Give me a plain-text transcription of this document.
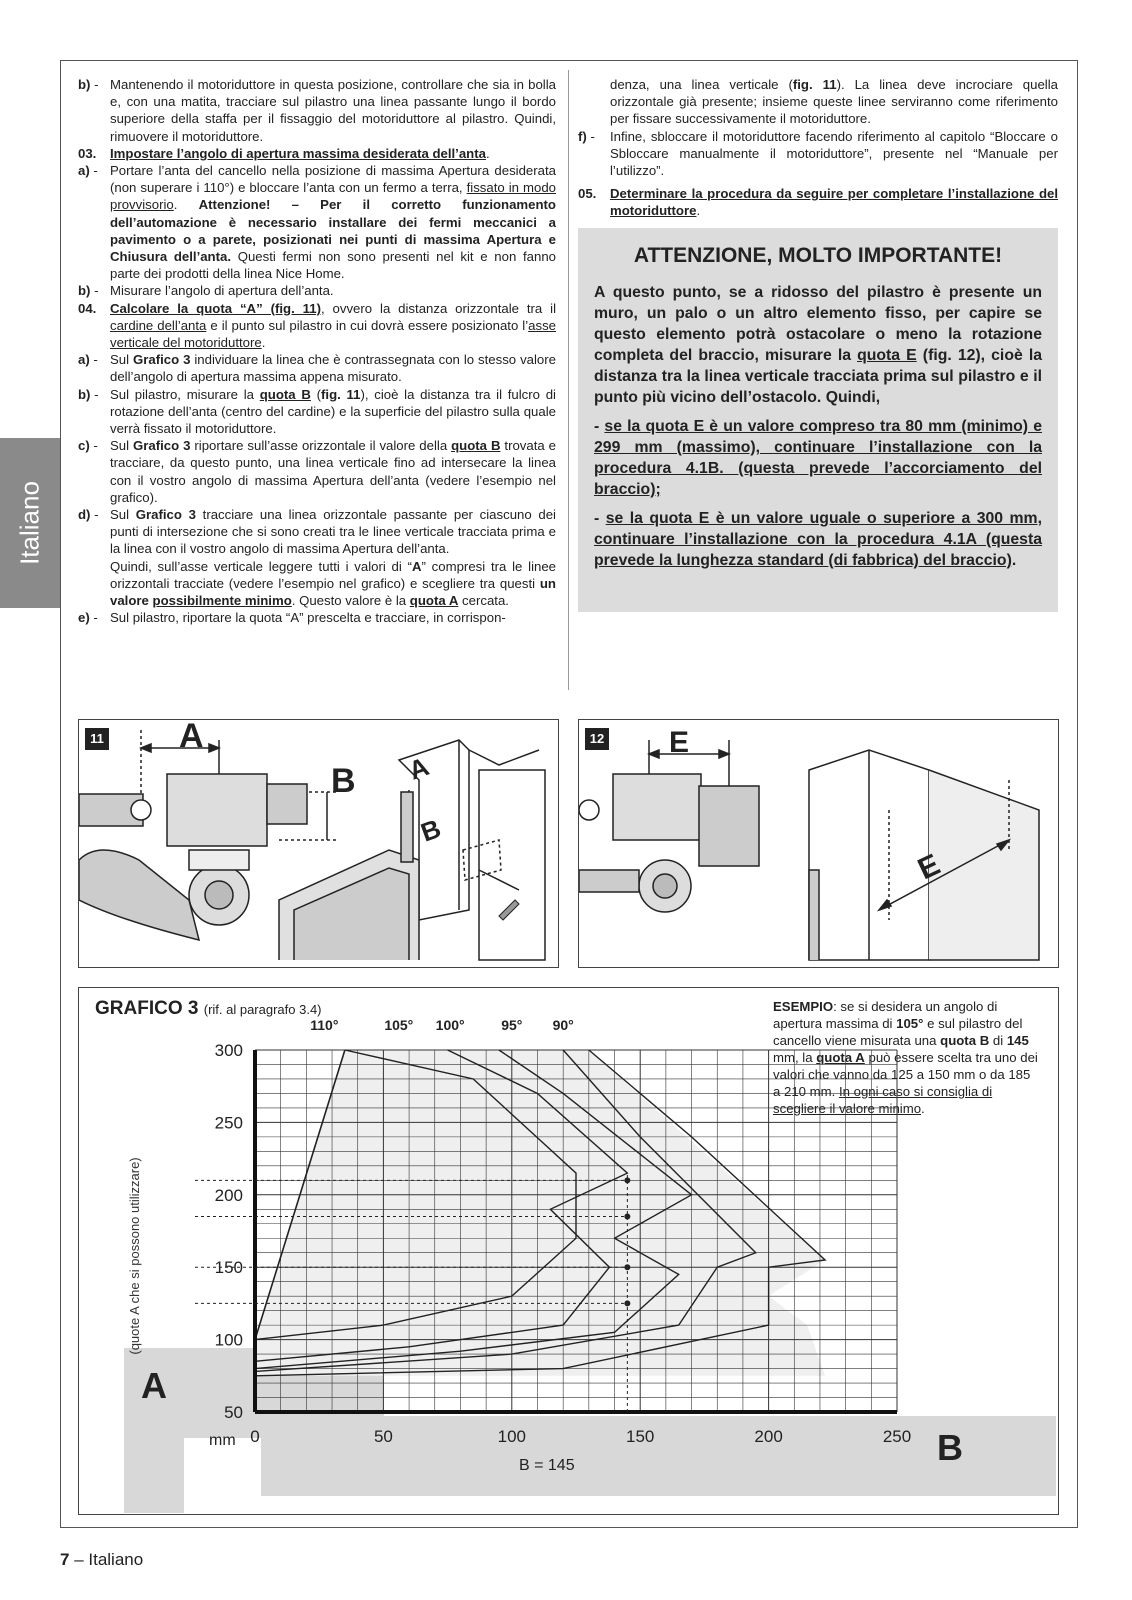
Italiano
b) - Mantenendo il motoriduttore in questa posizione, controllare che sia in bolla e, con una matita, tracciare sul pilastro una linea passante lungo il bordo superiore della staffa per il fissaggio del motoriduttore al pilastro. Quindi, rimuovere il motoriduttore.
03.	Impostare l’angolo di apertura massima desiderata dell’anta.
a) - Portare l’anta del cancello nella posizione di massima Apertura desiderata (non superare i 110°) e bloccare l’anta con un fermo a terra, fissato in modo provvisorio. Attenzione! – Per il corretto funzionamento dell’automazione è necessario installare dei fermi meccanici a pavimento o a parete, posizionati nei punti di massima Apertura e Chiusura dell’anta. Questi fermi non sono presenti nel kit e non fanno parte dei prodotti della linea Nice Home.
b) - Misurare l’angolo di apertura dell’anta.
04.	Calcolare la quota “A” (fig. 11), ovvero la distanza orizzontale tra il cardine dell’anta e il punto sul pilastro in cui dovrà essere posizionato l’asse verticale del motoriduttore.
a) - Sul Grafico 3 individuare la linea che è contrassegnata con lo stesso valore dell’angolo di apertura massima appena misurato.
b) - Sul pilastro, misurare la quota B (fig. 11), cioè la distanza tra il fulcro di rotazione dell’anta (centro del cardine) e la superficie del pilastro sulla quale verrà fissato il motoriduttore.
c) - Sul Grafico 3 riportare sull’asse orizzontale il valore della quota B trovata e tracciare, da questo punto, una linea verticale fino ad intersecare la linea con il vostro angolo di massima Apertura dell’anta (vedere l’esempio nel grafico).
d) - Sul Grafico 3 tracciare una linea orizzontale passante per ciascuno dei punti di intersezione che si sono creati tra le linee verticale tracciata prima e la linea con il vostro angolo di massima Apertura dell’anta.
Quindi, sull’asse verticale leggere tutti i valori di “A” compresi tra le linee orizzontali tracciate (vedere l’esempio nel grafico) e scegliere tra questi un valore possibilmente minimo. Questo valore è la quota A cercata.
e) - Sul pilastro, riportare la quota “A” prescelta e tracciare, in corrispon-
denza, una linea verticale (fig. 11). La linea deve incrociare quella orizzontale già presente; insieme queste linee serviranno come riferimento per fissare successivamente il motoriduttore.
f) -	Infine, sbloccare il motoriduttore facendo riferimento al capitolo “Bloccare o Sbloccare manualmente il motoriduttore”, presente nel “Manuale per l’utilizzo”.
05.	Determinare la procedura da seguire per completare l’installazione del motoriduttore.
ATTENZIONE, MOLTO IMPORTANTE!

A questo punto, se a ridosso del pilastro è presente un muro, un palo o un altro elemento fisso, per capire se questo elemento potrà ostacolare o meno la rotazione completa del braccio, misurare la quota E (fig. 12), cioè la distanza tra la linea verticale tracciata prima sul pilastro e il punto più vicino dell’ostacolo. Quindi,

- se la quota E è un valore compreso tra 80 mm (minimo) e 299 mm (massimo), continuare l’installazione con la procedura 4.1B. (questa prevede l’accorciamento del braccio);

- se la quota E è un valore uguale o superiore a 300 mm, continuare l’installazione con la procedura 4.1A (questa prevede la lunghezza standard (di fabbrica) del braccio).

11 A
B A
B
12 E
E
GRAFICO 3 (rif. al paragrafo 3.4)	ESEMPIO: se si desidera un angolo di apertura massima di 105° e sul pilastro del cancello viene misurata una quota B di 145 mm, la quota A può essere scelta tra uno dei valori che vanno da 125 a 150 mm o da 185 a 210 mm. In ogni caso si consiglia di scegliere il valore minimo.
A
B
0	50	100	150	200	250
50
100
150
200
250
300
110°	105° 100°	95° 90°
(quote A che si possono utilizzare)
mm
B = 145
7 – Italiano
